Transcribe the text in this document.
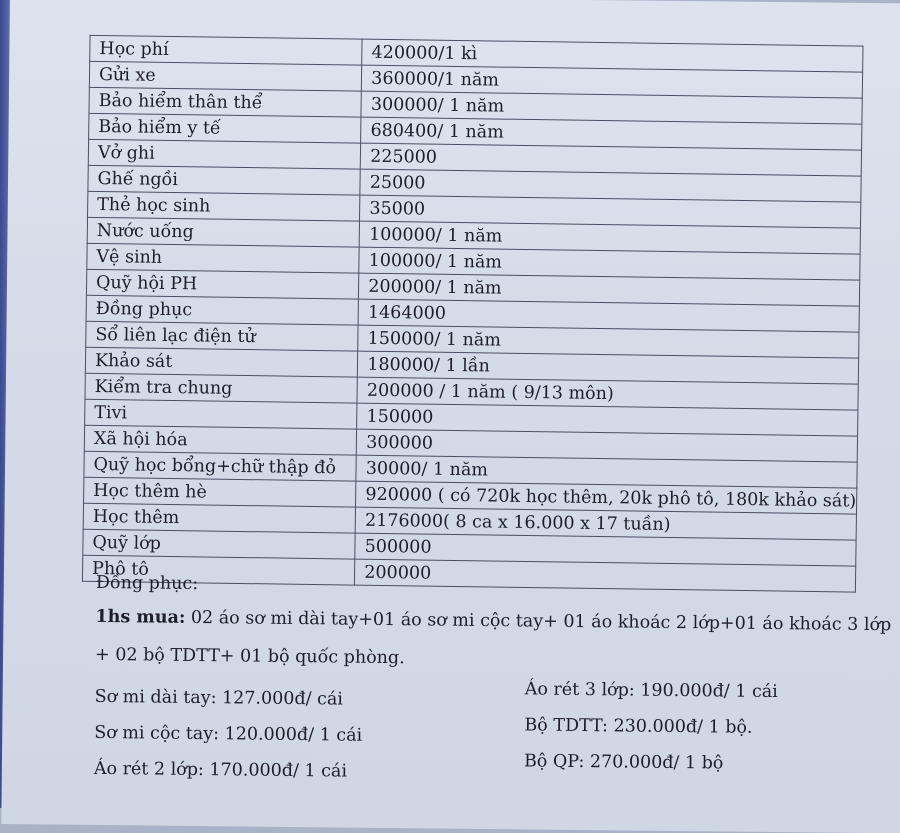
Học phí	420000/1 kì
Gửi xe	360000/1 năm
Bảo hiểm thân thể	300000/ 1 năm
Bảo hiểm y tế	680400/ 1 năm
Vở ghi	225000
Ghế ngồi	25000
Thẻ học sinh	35000
Nước uống	100000/ 1 năm
Vệ sinh	100000/ 1 năm
Quỹ hội PH	200000/ 1 năm
Đồng phục	1464000
Sổ liên lạc điện tử	150000/ 1 năm
Khảo sát	180000/ 1 lần
Kiểm tra chung	200000 / 1 năm ( 9/13 môn)
Tivi	150000
Xã hội hóa	300000
Quỹ học bổng+chữ thập đỏ	30000/ 1 năm
Học thêm hè	920000 ( có 720k học thêm, 20k phô tô, 180k khảo sát)
Học thêm	2176000( 8 ca x 16.000 x 17 tuần)
Quỹ lớp	500000
Phô tô	200000
Đồng phục:
1hs mua: 02 áo sơ mi dài tay+01 áo sơ mi cộc tay+ 01 áo khoác 2 lớp+01 áo khoác 3 lớp
+ 02 bộ TDTT+ 01 bộ quốc phòng.
Sơ mi dài tay: 127.000đ/ cái
Sơ mi cộc tay: 120.000đ/ 1 cái
Áo rét 2 lớp: 170.000đ/ 1 cái
Áo rét 3 lớp: 190.000đ/ 1 cái
Bộ TDTT: 230.000đ/ 1 bộ.
Bộ QP: 270.000đ/ 1 bộ
